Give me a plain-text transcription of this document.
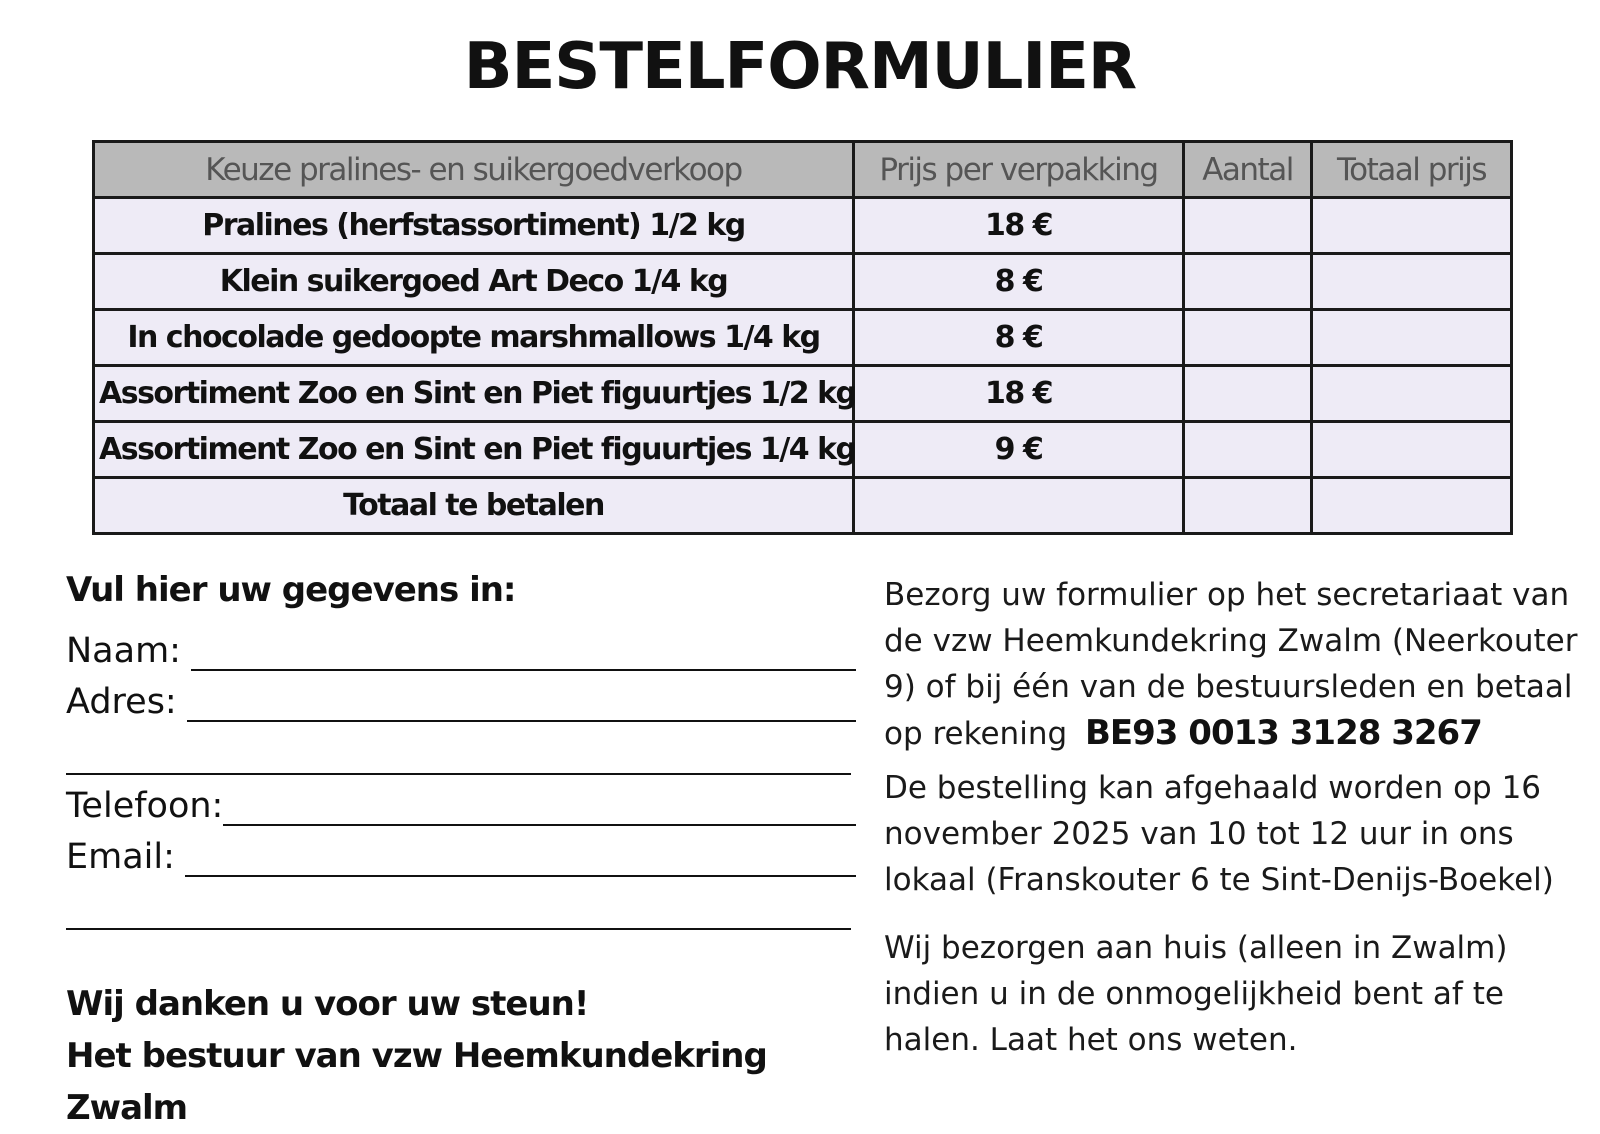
BESTELFORMULIER
Keuze pralines- en suikergoedverkoop	Prijs per verpakking	Aantal	Totaal prijs
Pralines (herfstassortiment) 1/2 kg	18 €		
Klein suikergoed Art Deco 1/4 kg	8 €		
In chocolade gedoopte marshmallows 1/4 kg	8 €		
Assortiment Zoo en Sint en Piet figuurtjes 1/2 kg	18 €		
Assortiment Zoo en Sint en Piet figuurtjes 1/4 kg	9 €		
Totaal te betalen			
Vul hier uw gegevens in:
Naam:
Adres:
Telefoon:
Email:
Wij danken u voor uw steun!
Het bestuur van vzw Heemkundekring Zwalm

Bezorg uw formulier op het secretariaat van de vzw Heemkundekring Zwalm (Neerkouter 9) of bij één van de bestuursleden en betaal op rekening BE93 0013 3128 3267

De bestelling kan afgehaald worden op 16 november 2025 van 10 tot 12 uur in ons lokaal (Franskouter 6 te Sint-Denijs-Boekel)

Wij bezorgen aan huis (alleen in Zwalm) indien u in de onmogelijkheid bent af te halen. Laat het ons weten.
